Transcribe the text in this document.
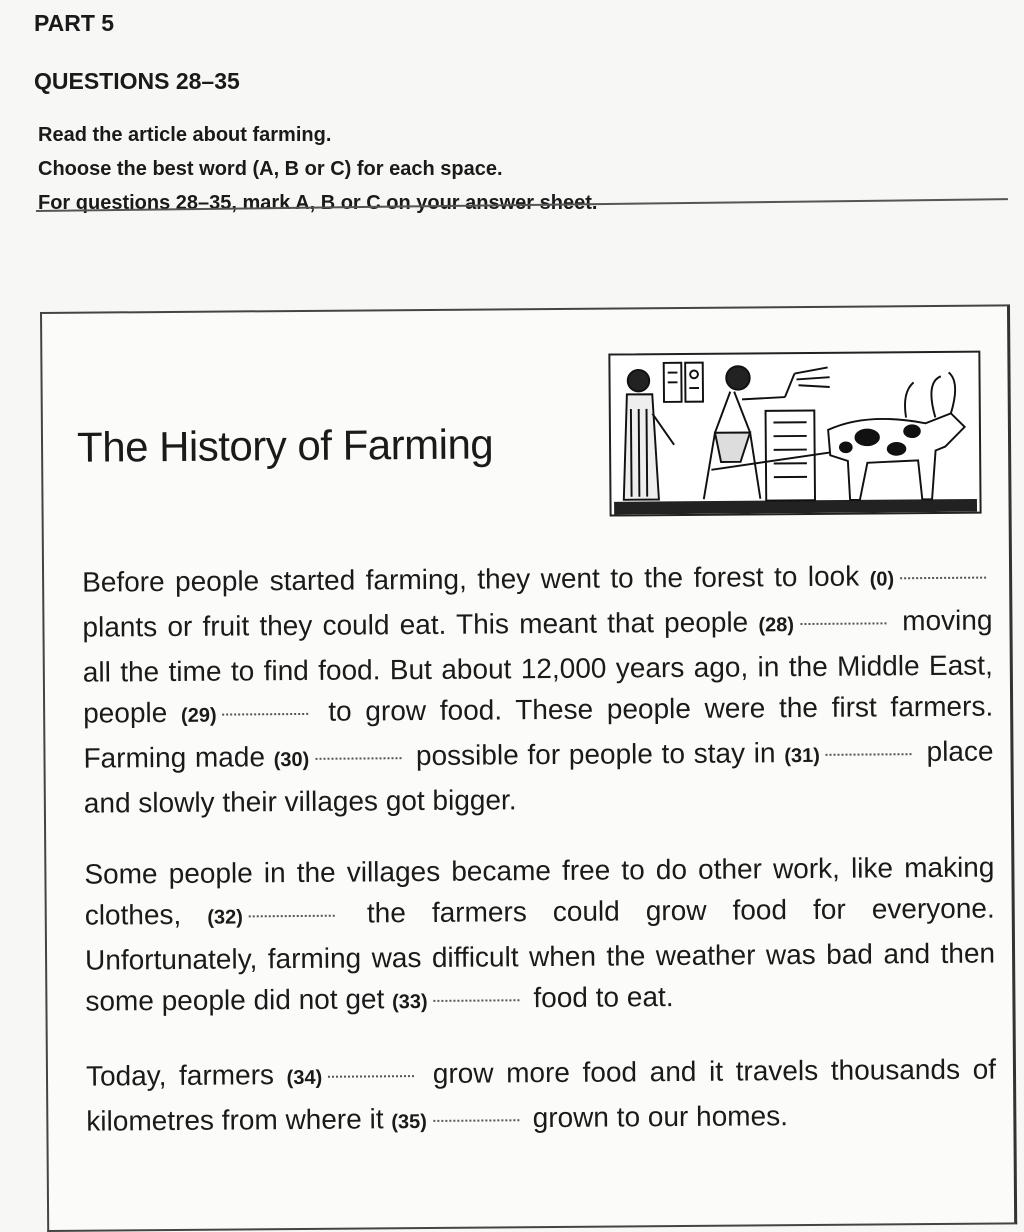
PART 5

QUESTIONS 28–35

Read the article about farming.

Choose the best word (A, B or C) for each space.

For questions 28–35, mark A, B or C on your answer sheet.

The History of Farming

Before people started farming, they went to the forest to look (0) plants or fruit they could eat. This meant that people (28)	moving all the time to find food. But about 12,000 years ago, in the Middle East, people (29)	to grow food. These people were the first farmers. Farming made (30)	possible for people to stay in (31)	place and slowly their villages got bigger.

Some people in the villages became free to do other work, like making clothes, (32)	the farmers could grow food for everyone. Unfortunately, farming was difficult when the weather was bad and then some people did not get (33)	food to eat.

Today, farmers (34)	grow more food and it travels thousands of kilometres from where it (35)	grown to our homes.
